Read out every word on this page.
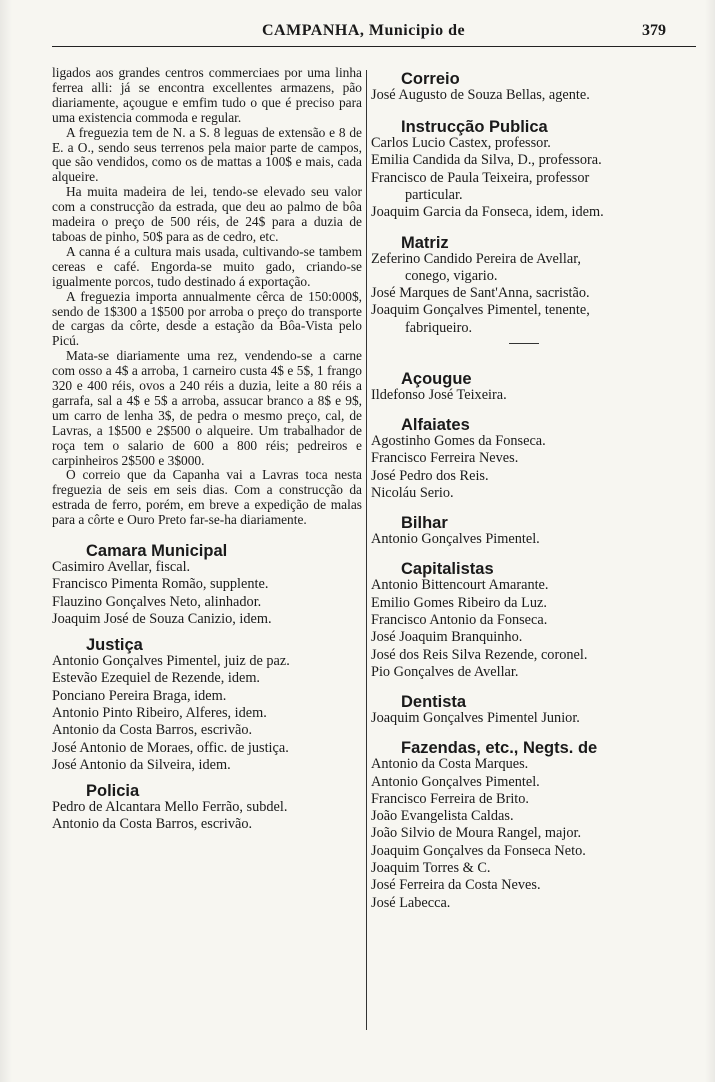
CAMPANHA, Municipio de	379

ligados aos grandes centros commerciaes por uma linha ferrea alli: já se encontra excellentes armazens, pão diariamente, açougue e emfim tudo o que é preciso para uma existencia commoda e regular.

A freguezia tem de N. a S. 8 leguas de extensão e 8 de E. a O., sendo seus terrenos pela maior parte de campos, que são vendidos, como os de mattas a 100$ e mais, cada alqueire.

Ha muita madeira de lei, tendo-se elevado seu valor com a construcção da estrada, que deu ao palmo de bôa madeira o preço de 500 réis, de 24$ para a duzia de taboas de pinho, 50$ para as de cedro, etc.

A canna é a cultura mais usada, cultivando-se tambem cereas e café. Engorda-se muito gado, criando-se igualmente porcos, tudo destinado á exportação.

A freguezia importa annualmente cêrca de 150:000$, sendo de 1$300 a 1$500 por arroba o preço do transporte de cargas da côrte, desde a estação da Bôa-Vista pelo Picú.

Mata-se diariamente uma rez, vendendo-se a carne com osso a 4$ a arroba, 1 carneiro custa 4$ e 5$, 1 frango 320 e 400 réis, ovos a 240 réis a duzia, leite a 80 réis a garrafa, sal a 4$ e 5$ a arroba, assucar branco a 8$ e 9$, um carro de lenha 3$, de pedra o mesmo preço, cal, de Lavras, a 1$500 e 2$500 o alqueire. Um trabalhador de roça tem o salario de 600 a 800 réis; pedreiros e carpinheiros 2$500 e 3$000.

O correio que da Capanha vai a Lavras toca nesta freguezia de seis em seis dias. Com a construcção da estrada de ferro, porém, em breve a expedição de malas para a côrte e Ouro Preto far-se-ha diariamente.

Camara Municipal

Casimiro Avellar, fiscal.
Francisco Pimenta Romão, supplente.
Flauzino Gonçalves Neto, alinhador.
Joaquim José de Souza Canizio, idem.

Justiça

Antonio Gonçalves Pimentel, juiz de paz.
Estevão Ezequiel de Rezende, idem.
Ponciano Pereira Braga, idem.
Antonio Pinto Ribeiro, Alferes, idem.
Antonio da Costa Barros, escrivão.
José Antonio de Moraes, offic. de justiça.
José Antonio da Silveira, idem.

Policia

Pedro de Alcantara Mello Ferrão, subdel.
Antonio da Costa Barros, escrivão.

Correio

José Augusto de Souza Bellas, agente.

Instrucção Publica

Carlos Lucio Castex, professor.
Emilia Candida da Silva, D., professora.
Francisco de Paula Teixeira, professor
particular.
Joaquim Garcia da Fonseca, idem, idem.

Matriz

Zeferino Candido Pereira de Avellar,
conego, vigario.
José Marques de Sant'Anna, sacristão.
Joaquim Gonçalves Pimentel, tenente,
fabriqueiro.

Açougue

Ildefonso José Teixeira.

Alfaiates

Agostinho Gomes da Fonseca.
Francisco Ferreira Neves.
José Pedro dos Reis.
Nicoláu Serio.

Bilhar

Antonio Gonçalves Pimentel.

Capitalistas

Antonio Bittencourt Amarante.
Emilio Gomes Ribeiro da Luz.
Francisco Antonio da Fonseca.
José Joaquim Branquinho.
José dos Reis Silva Rezende, coronel.
Pio Gonçalves de Avellar.

Dentista

Joaquim Gonçalves Pimentel Junior.

Fazendas, etc., Negts. de

Antonio da Costa Marques.
Antonio Gonçalves Pimentel.
Francisco Ferreira de Brito.
João Evangelista Caldas.
João Silvio de Moura Rangel, major.
Joaquim Gonçalves da Fonseca Neto.
Joaquim Torres & C.
José Ferreira da Costa Neves.
José Labecca.
